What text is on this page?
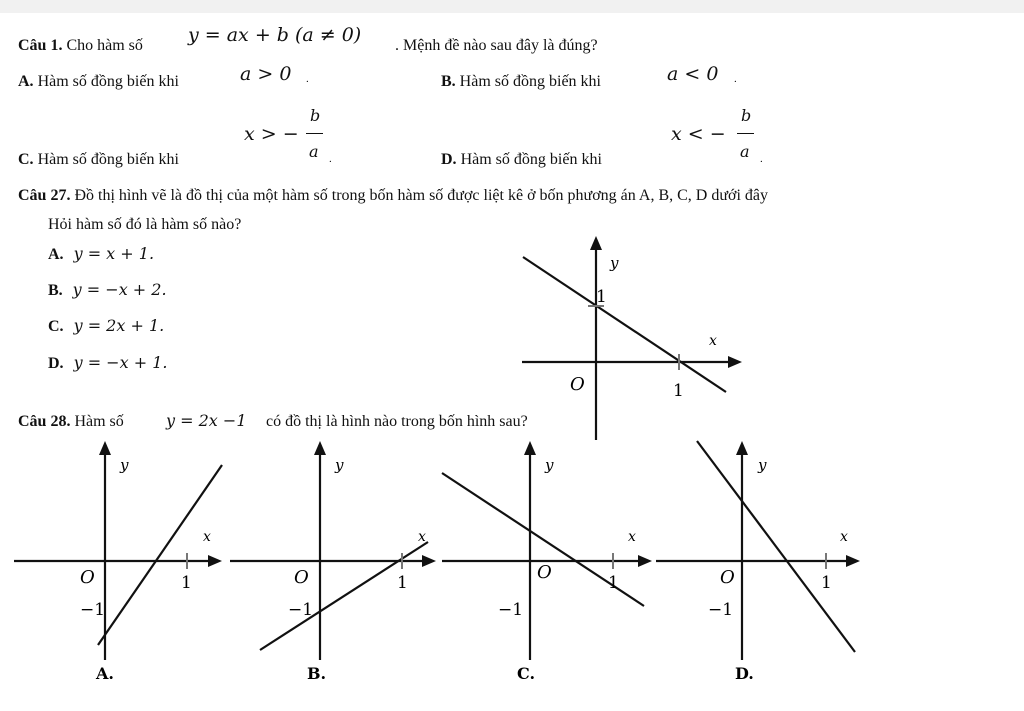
Câu 1. Cho hàm số y = ax + b (a ≠ 0) . Mệnh đề nào sau đây là đúng?
A. Hàm số đồng biến khi	a > 0 .	B. Hàm số đồng biến khi	a < 0 .
C. Hàm số đồng biến khi
x > −
b
a .	D. Hàm số đồng biến khi
x < −
b
a .
Câu 27. Đồ thị hình vẽ là đồ thị của một hàm số trong bốn hàm số được liệt kê ở bốn phương án A, B, C, D dưới đây
Hỏi hàm số đó là hàm số nào?
A. y = x + 1.
B. y = −x + 2.
C. y = 2x + 1.
D. y = −x + 1.
y
x
O
1
1
Câu 28. Hàm số	y = 2x −1 có đồ thị là hình nào trong bốn hình sau?
y
x
O	1
−1
A.
y
x
O	1
−1
B.
y
x
O	1
−1
C.
y
x
O	1
−1
D.
